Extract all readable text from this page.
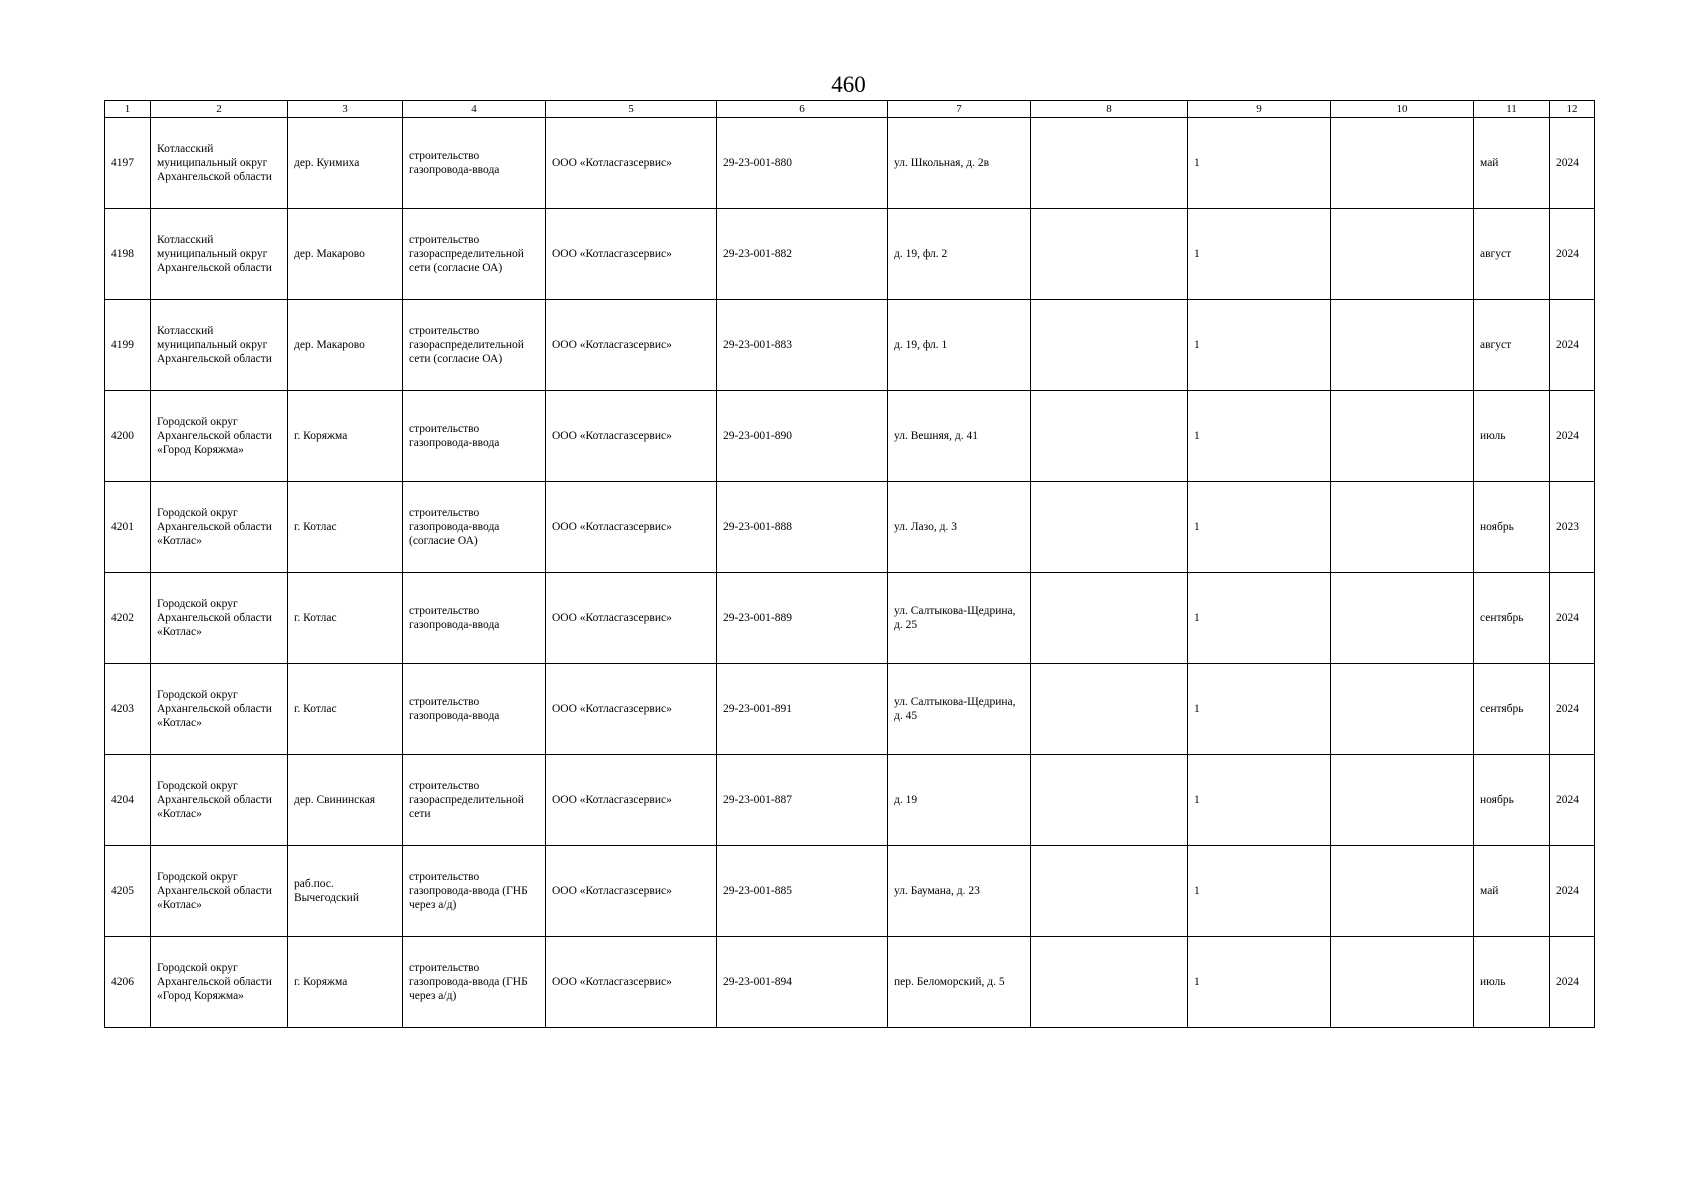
460
1	2	3	4	5	6	7	8	9	10	11	12
4197	Котласский муниципальный округ Архангельской области	дер. Куимиха	строительство газопровода-ввода	ООО «Котласгазсервис»	29-23-001-880	ул. Школьная, д. 2в		1		май	2024
4198	Котласский муниципальный округ Архангельской области	дер. Макарово	строительство газораспределительной сети (согласие ОА)	ООО «Котласгазсервис»	29-23-001-882	д. 19, фл. 2		1		август	2024
4199	Котласский муниципальный округ Архангельской области	дер. Макарово	строительство газораспределительной сети (согласие ОА)	ООО «Котласгазсервис»	29-23-001-883	д. 19, фл. 1		1		август	2024
4200	Городской округ Архангельской области «Город Коряжма»	г. Коряжма	строительство газопровода-ввода	ООО «Котласгазсервис»	29-23-001-890	ул. Вешняя, д. 41		1		июль	2024
4201	Городской округ Архангельской области «Котлас»	г. Котлас	строительство газопровода-ввода (согласие ОА)	ООО «Котласгазсервис»	29-23-001-888	ул. Лазо, д. 3		1		ноябрь	2023
4202	Городской округ Архангельской области «Котлас»	г. Котлас	строительство газопровода-ввода	ООО «Котласгазсервис»	29-23-001-889	ул. Салтыкова-Щедрина, д. 25		1		сентябрь	2024
4203	Городской округ Архангельской области «Котлас»	г. Котлас	строительство газопровода-ввода	ООО «Котласгазсервис»	29-23-001-891	ул. Салтыкова-Щедрина, д. 45		1		сентябрь	2024
4204	Городской округ Архангельской области «Котлас»	дер. Свининская	строительство газораспределительной сети	ООО «Котласгазсервис»	29-23-001-887	д. 19		1		ноябрь	2024
4205	Городской округ Архангельской области «Котлас»	раб.пос. Вычегодский	строительство газопровода-ввода (ГНБ через а/д)	ООО «Котласгазсервис»	29-23-001-885	ул. Баумана, д. 23		1		май	2024
4206	Городской округ Архангельской области «Город Коряжма»	г. Коряжма	строительство газопровода-ввода (ГНБ через а/д)	ООО «Котласгазсервис»	29-23-001-894	пер. Беломорский, д. 5		1		июль	2024
